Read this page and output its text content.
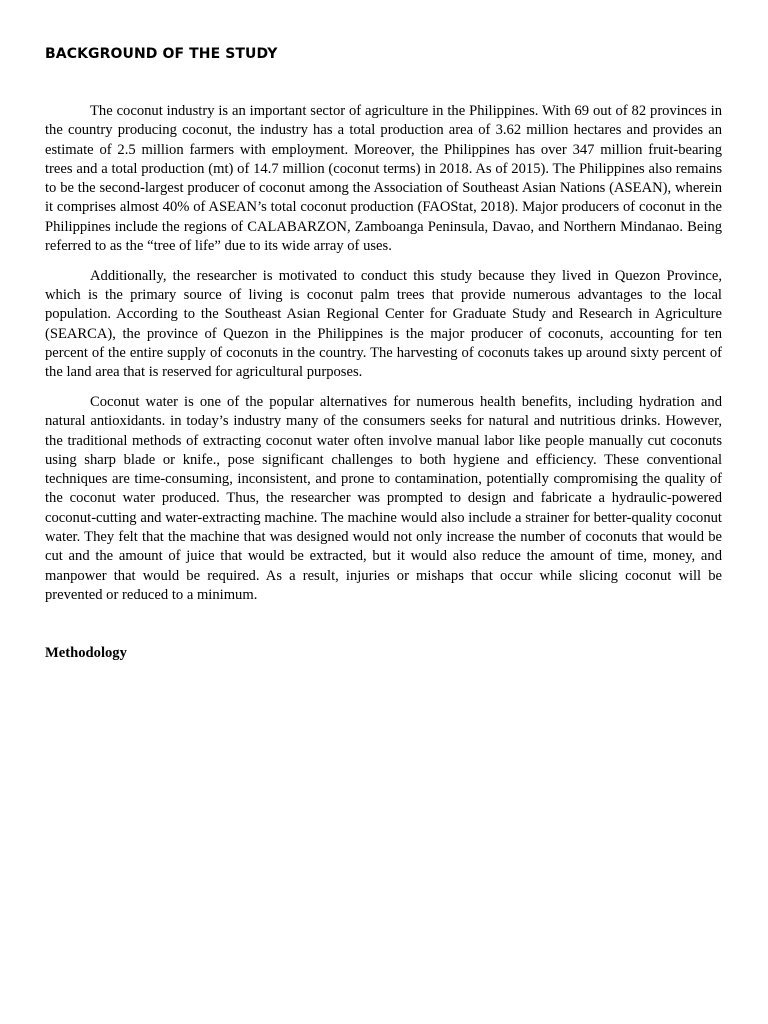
BACKGROUND OF THE STUDY

The coconut industry is an important sector of agriculture in the Philippines. With 69 out of 82 provinces in the country producing coconut, the industry has a total production area of 3.62 million hectares and provides an estimate of 2.5 million farmers with employment. Moreover, the Philippines has over 347 million fruit-bearing trees and a total production (mt) of 14.7 million (coconut terms) in 2018. As of 2015). The Philippines also remains to be the second-largest producer of coconut among the Association of Southeast Asian Nations (ASEAN), wherein it comprises almost 40% of ASEAN’s total coconut production (FAOStat, 2018). Major producers of coconut in the Philippines include the regions of CALABARZON, Zamboanga Peninsula, Davao, and Northern Mindanao. Being referred to as the “tree of life” due to its wide array of uses.

Additionally, the researcher is motivated to conduct this study because they lived in Quezon Province, which is the primary source of living is coconut palm trees that provide numerous advantages to the local population. According to the Southeast Asian Regional Center for Graduate Study and Research in Agriculture (SEARCA), the province of Quezon in the Philippines is the major producer of coconuts, accounting for ten percent of the entire supply of coconuts in the country. The harvesting of coconuts takes up around sixty percent of the land area that is reserved for agricultural purposes.

Coconut water is one of the popular alternatives for numerous health benefits, including hydration and natural antioxidants. in today’s industry many of the consumers seeks for natural and nutritious drinks. However, the traditional methods of extracting coconut water often involve manual labor like people manually cut coconuts using sharp blade or knife., pose significant challenges to both hygiene and efficiency. These conventional techniques are time-consuming, inconsistent, and prone to contamination, potentially compromising the quality of the coconut water produced. Thus, the researcher was prompted to design and fabricate a hydraulic-powered coconut-cutting and water-extracting machine. The machine would also include a strainer for better-quality coconut water. They felt that the machine that was designed would not only increase the number of coconuts that would be cut and the amount of juice that would be extracted, but it would also reduce the amount of time, money, and manpower that would be required. As a result, injuries or mishaps that occur while slicing coconut will be prevented or reduced to a minimum.

Methodology
